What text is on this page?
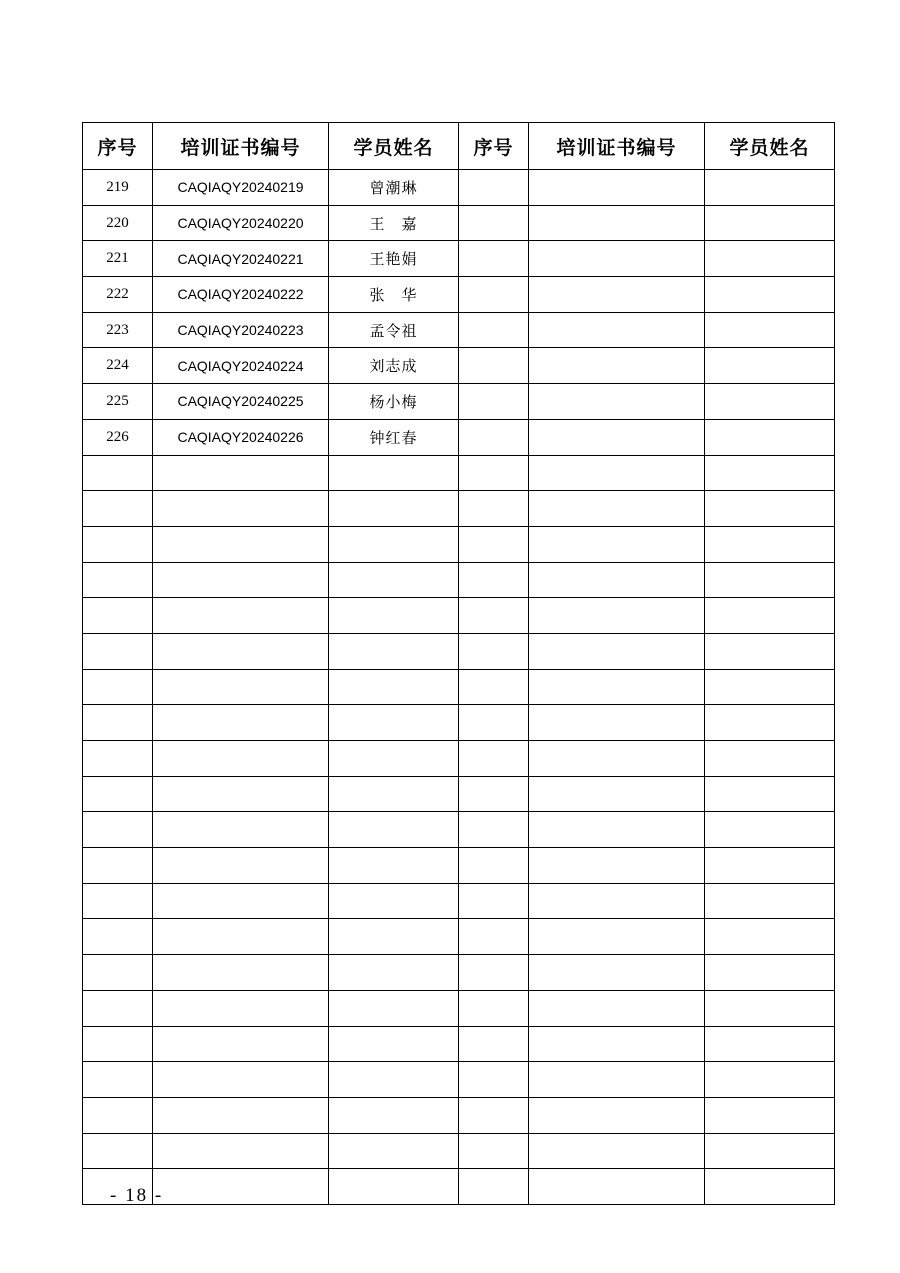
序号	培训证书编号	学员姓名	序号	培训证书编号	学员姓名
219	CAQIAQY20240219	曾潮琳			
220	CAQIAQY20240220	王　嘉			
221	CAQIAQY20240221	王艳娟			
222	CAQIAQY20240222	张　华			
223	CAQIAQY20240223	孟令祖			
224	CAQIAQY20240224	刘志成			
225	CAQIAQY20240225	杨小梅			
226	CAQIAQY20240226	钟红春			

- 18 -
